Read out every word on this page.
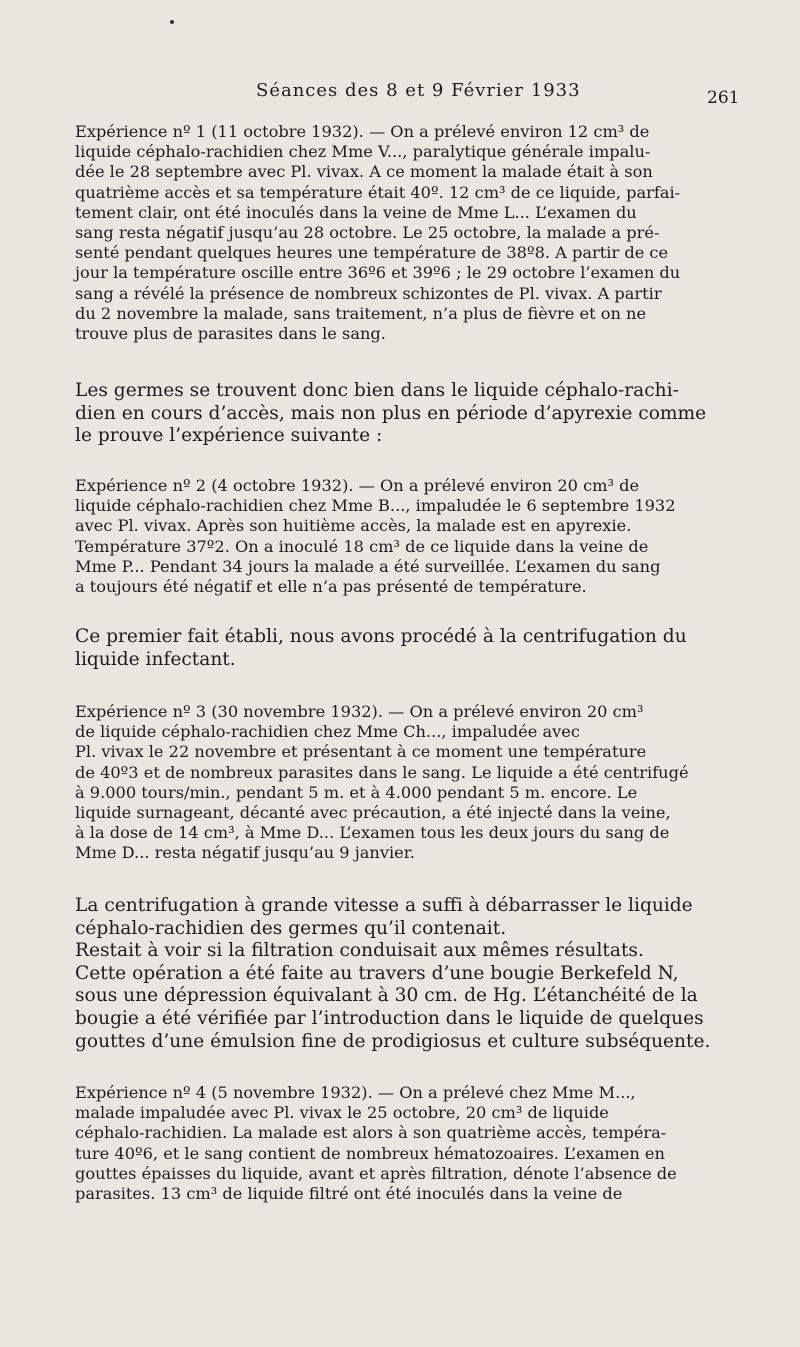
Séances des 8 et 9 Février 1933	261

Expérience nº 1 (11 octobre 1932). — On a prélevé environ 12 cm³ de
liquide céphalo-rachidien chez Mme V..., paralytique générale impalu-
dée le 28 septembre avec Pl. vivax. A ce moment la malade était à son
quatrième accès et sa température était 40º. 12 cm³ de ce liquide, parfai-
tement clair, ont été inoculés dans la veine de Mme L... L’examen du
sang resta négatif jusqu’au 28 octobre. Le 25 octobre, la malade a pré-
senté pendant quelques heures une température de 38º8. A partir de ce
jour la température oscille entre 36º6 et 39º6 ; le 29 octobre l’examen du
sang a révélé la présence de nombreux schizontes de Pl. vivax. A partir
du 2 novembre la malade, sans traitement, n’a plus de fièvre et on ne
trouve plus de parasites dans le sang.

Les germes se trouvent donc bien dans le liquide céphalo-rachi-
dien en cours d’accès, mais non plus en période d’apyrexie comme
le prouve l’expérience suivante :

Expérience nº 2 (4 octobre 1932). — On a prélevé environ 20 cm³ de
liquide céphalo-rachidien chez Mme B..., impaludée le 6 septembre 1932
avec Pl. vivax. Après son huitième accès, la malade est en apyrexie.
Température 37º2. On a inoculé 18 cm³ de ce liquide dans la veine de
Mme P... Pendant 34 jours la malade a été surveillée. L’examen du sang
a toujours été négatif et elle n’a pas présenté de température.

Ce premier fait établi, nous avons procédé à la centrifugation du
liquide infectant.

Expérience nº 3 (30 novembre 1932). — On a prélevé environ 20 cm³
de liquide céphalo-rachidien chez Mme Ch..., impaludée avec
Pl. vivax le 22 novembre et présentant à ce moment une température
de 40º3 et de nombreux parasites dans le sang. Le liquide a été centrifugé
à 9.000 tours/min., pendant 5 m. et à 4.000 pendant 5 m. encore. Le
liquide surnageant, décanté avec précaution, a été injecté dans la veine,
à la dose de 14 cm³, à Mme D... L’examen tous les deux jours du sang de
Mme D... resta négatif jusqu’au 9 janvier.

La centrifugation à grande vitesse a suffi à débarrasser le liquide
céphalo-rachidien des germes qu’il contenait.
Restait à voir si la filtration conduisait aux mêmes résultats.
Cette opération a été faite au travers d’une bougie Berkefeld N,
sous une dépression équivalant à 30 cm. de Hg. L’étanchéité de la
bougie a été vérifiée par l’introduction dans le liquide de quelques
gouttes d’une émulsion fine de prodigiosus et culture subséquente.

Expérience nº 4 (5 novembre 1932). — On a prélevé chez Mme M...,
malade impaludée avec Pl. vivax le 25 octobre, 20 cm³ de liquide
céphalo-rachidien. La malade est alors à son quatrième accès, tempéra-
ture 40º6, et le sang contient de nombreux hématozoaires. L’examen en
gouttes épaisses du liquide, avant et après filtration, dénote l’absence de
parasites. 13 cm³ de liquide filtré ont été inoculés dans la veine de
